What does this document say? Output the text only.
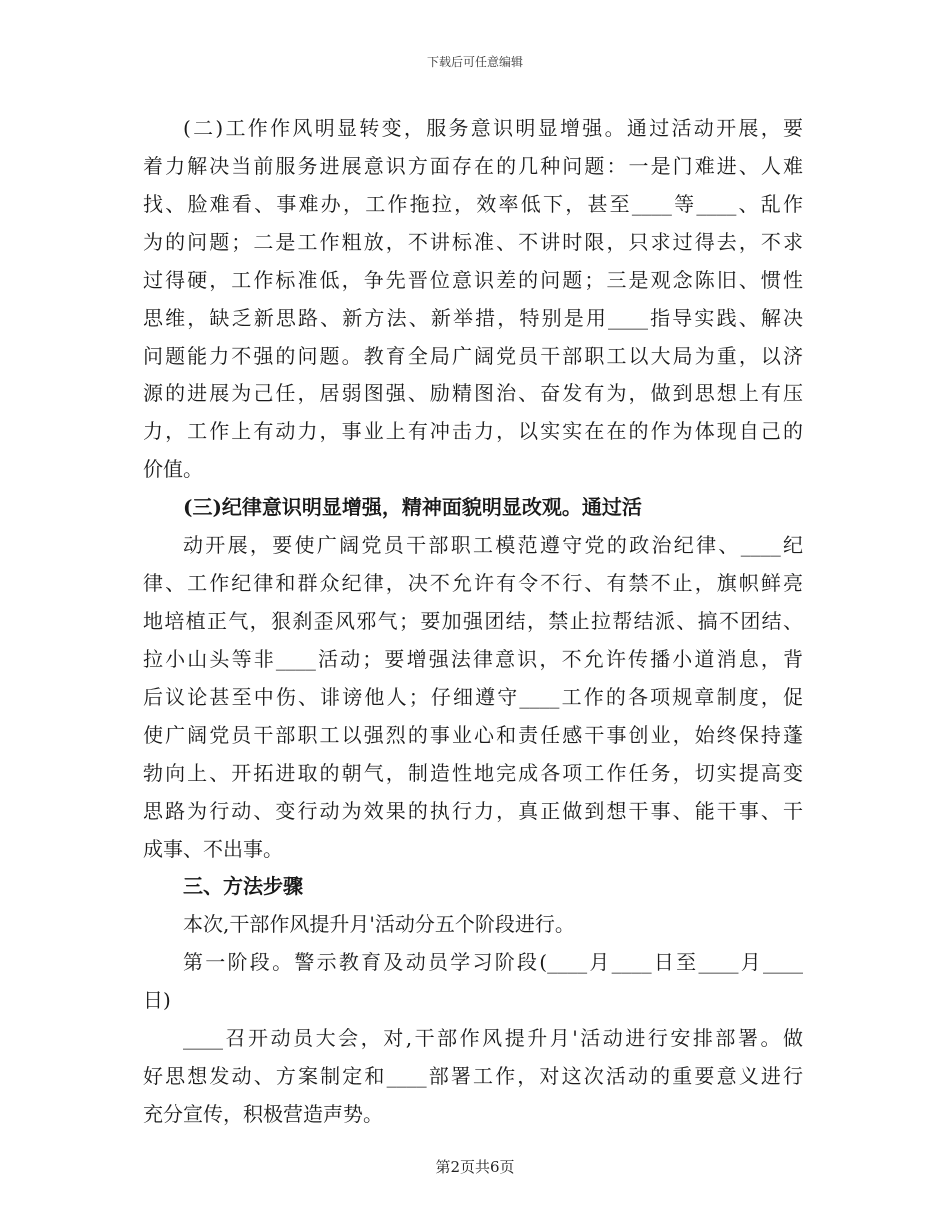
下载后可任意编辑
(二)工作作风明显转变，服务意识明显增强。通过活动开展，要
着力解决当前服务进展意识方面存在的几种问题：一是门难进、人难
找、脸难看、事难办，工作拖拉，效率低下，甚至____等____、乱作
为的问题；二是工作粗放，不讲标准、不讲时限，只求过得去，不求
过得硬，工作标准低，争先晋位意识差的问题；三是观念陈旧、惯性
思维，缺乏新思路、新方法、新举措，特别是用____指导实践、解决
问题能力不强的问题。教育全局广阔党员干部职工以大局为重，以济
源的进展为己任，居弱图强、励精图治、奋发有为，做到思想上有压
力，工作上有动力，事业上有冲击力，以实实在在的作为体现自己的
价值。
(三)纪律意识明显增强，精神面貌明显改观。通过活
动开展，要使广阔党员干部职工模范遵守党的政治纪律、____纪
律、工作纪律和群众纪律，决不允许有令不行、有禁不止，旗帜鲜亮
地培植正气，狠刹歪风邪气；要加强团结，禁止拉帮结派、搞不团结、
拉小山头等非____活动；要增强法律意识，不允许传播小道消息，背
后议论甚至中伤、诽谤他人；仔细遵守____工作的各项规章制度，促
使广阔党员干部职工以强烈的事业心和责任感干事创业，始终保持蓬
勃向上、开拓进取的朝气，制造性地完成各项工作任务，切实提高变
思路为行动、变行动为效果的执行力，真正做到想干事、能干事、干
成事、不出事。
三、方法步骤
本次,干部作风提升月'活动分五个阶段进行。
第一阶段。警示教育及动员学习阶段(____月____日至____月____
日)
____召开动员大会，对,干部作风提升月'活动进行安排部署。做
好思想发动、方案制定和____部署工作，对这次活动的重要意义进行
充分宣传，积极营造声势。
第2页共6页
